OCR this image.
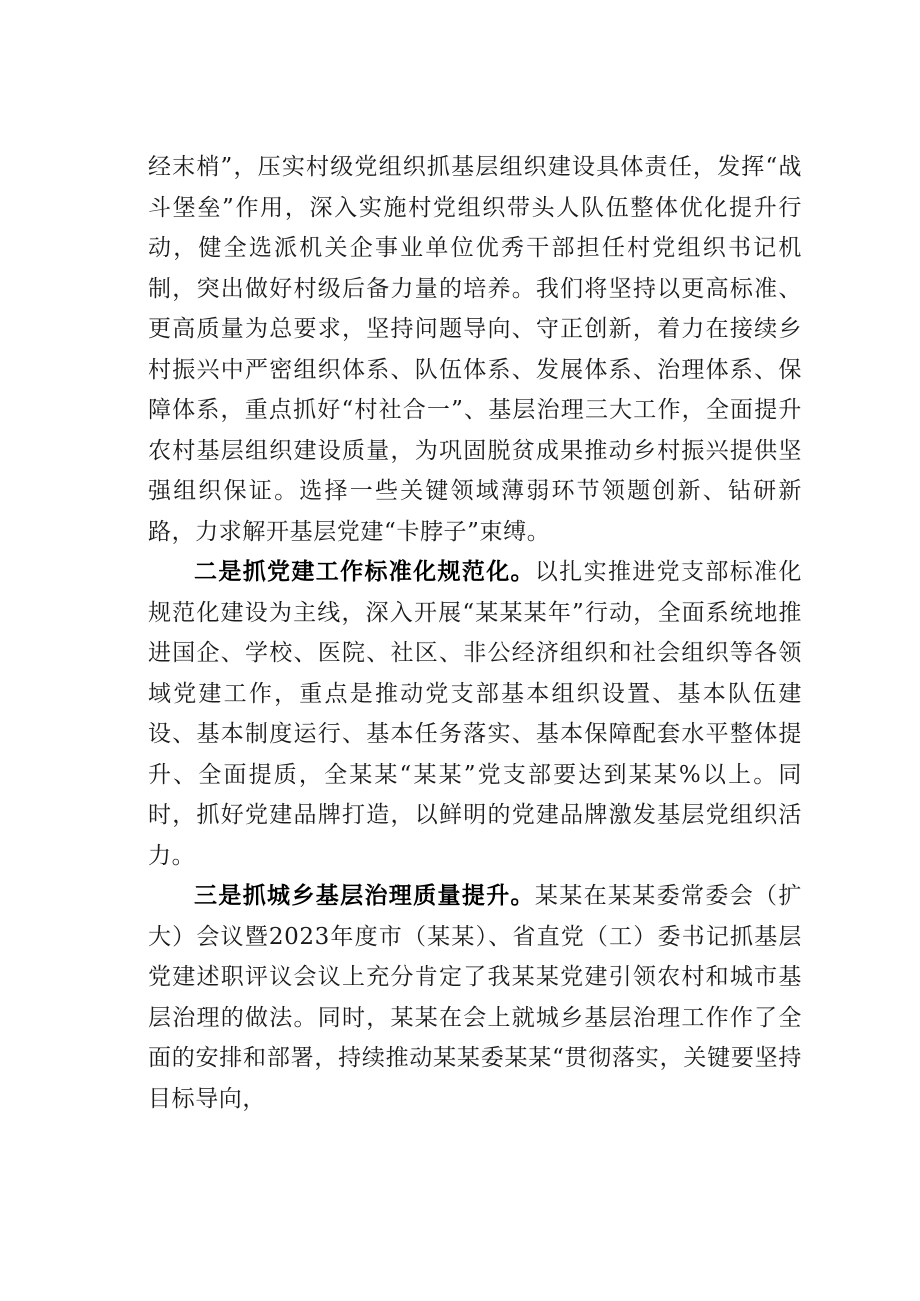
经末梢”，压实村级党组织抓基层组织建设具体责任，发挥“战斗堡垒”作用，深入实施村党组织带头人队伍整体优化提升行动，健全选派机关企事业单位优秀干部担任村党组织书记机制，突出做好村级后备力量的培养。我们将坚持以更高标准、更高质量为总要求，坚持问题导向、守正创新，着力在接续乡村振兴中严密组织体系、队伍体系、发展体系、治理体系、保障体系，重点抓好“村社合一”、基层治理三大工作，全面提升农村基层组织建设质量，为巩固脱贫成果推动乡村振兴提供坚强组织保证。选择一些关键领域薄弱环节领题创新、钻研新路，力求解开基层党建“卡脖子”束缚。

二是抓党建工作标准化规范化。以扎实推进党支部标准化规范化建设为主线，深入开展“某某某年”行动，全面系统地推进国企、学校、医院、社区、非公经济组织和社会组织等各领域党建工作，重点是推动党支部基本组织设置、基本队伍建设、基本制度运行、基本任务落实、基本保障配套水平整体提升、全面提质，全某某“某某”党支部要达到某某%以上。同时，抓好党建品牌打造，以鲜明的党建品牌激发基层党组织活力。

三是抓城乡基层治理质量提升。某某在某某委常委会（扩大）会议暨2023年度市（某某）、省直党（工）委书记抓基层党建述职评议会议上充分肯定了我某某党建引领农村和城市基层治理的做法。同时，某某在会上就城乡基层治理工作作了全面的安排和部署，持续推动某某委某某“贯彻落实，关键要坚持目标导向，
